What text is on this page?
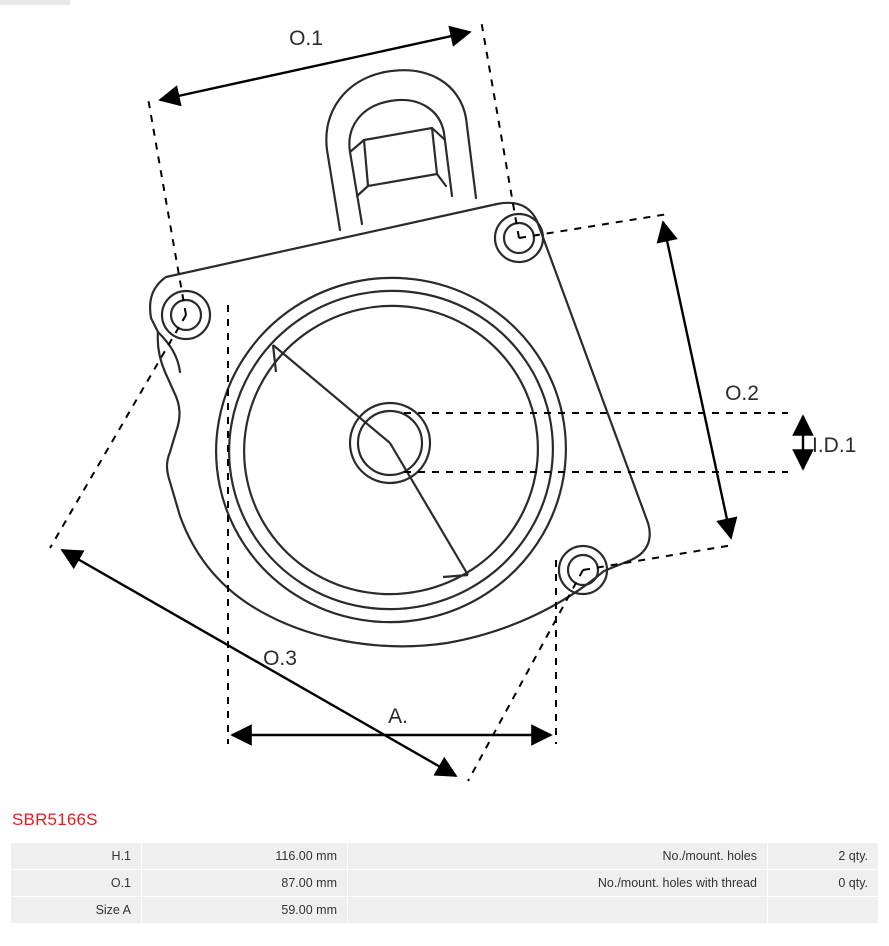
O.1
O.2
I.D.1
O.3
A.
SBR5166S
H.1	116.00 mm	No./mount. holes	2 qty.
O.1	87.00 mm	No./mount. holes with thread	0 qty.
Size A	59.00 mm		
